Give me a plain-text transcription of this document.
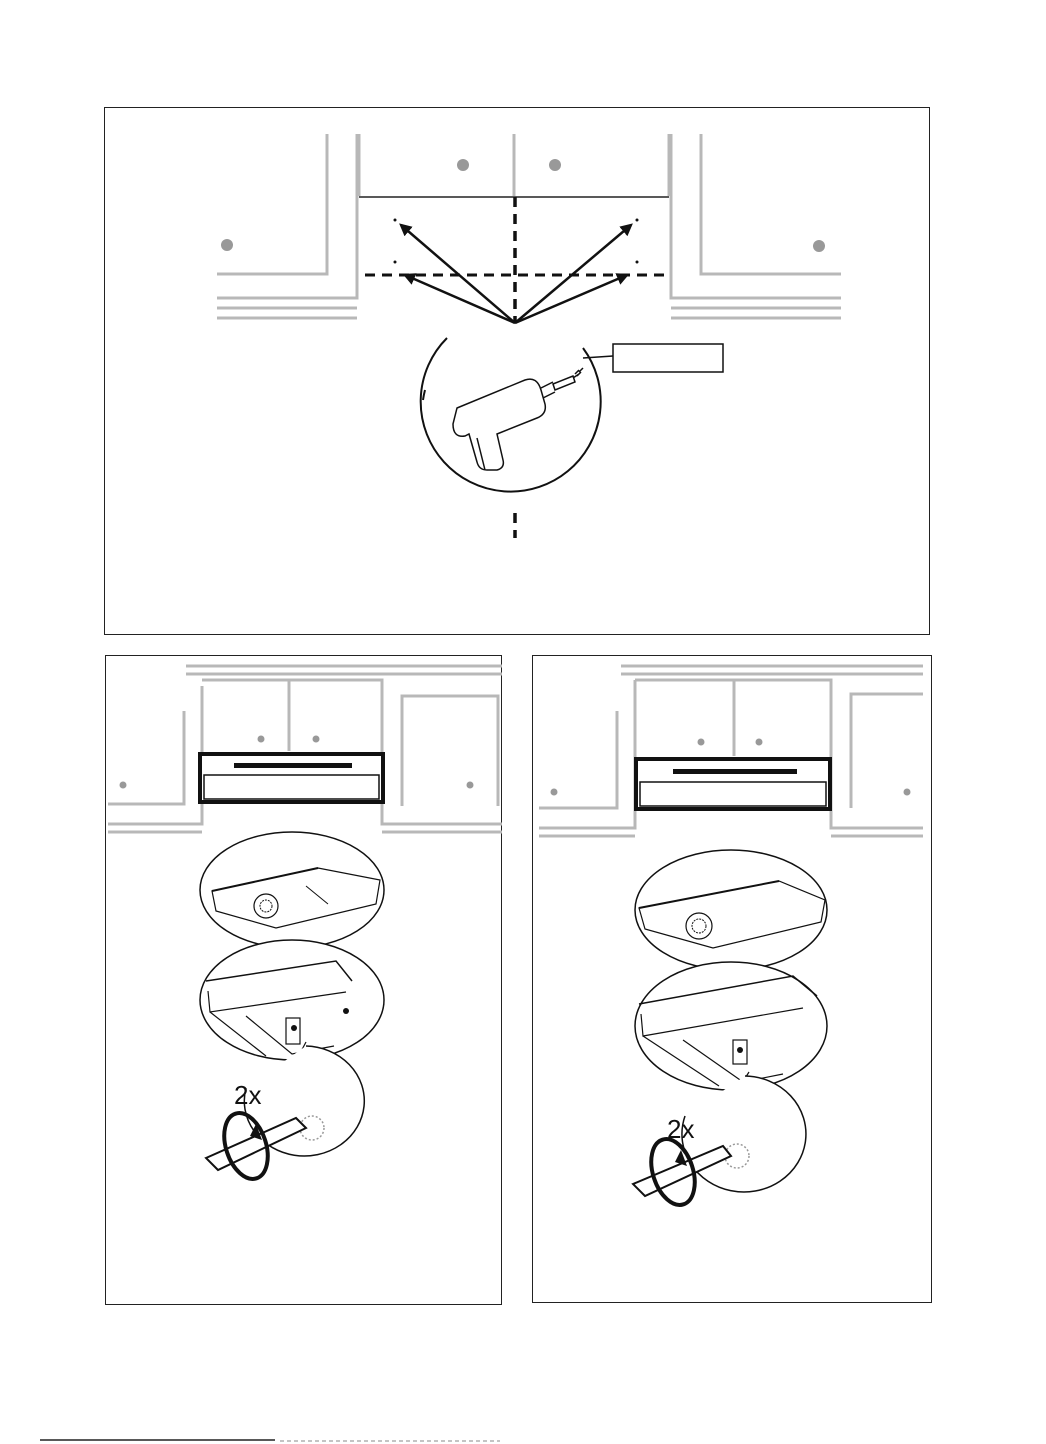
2x
2x
